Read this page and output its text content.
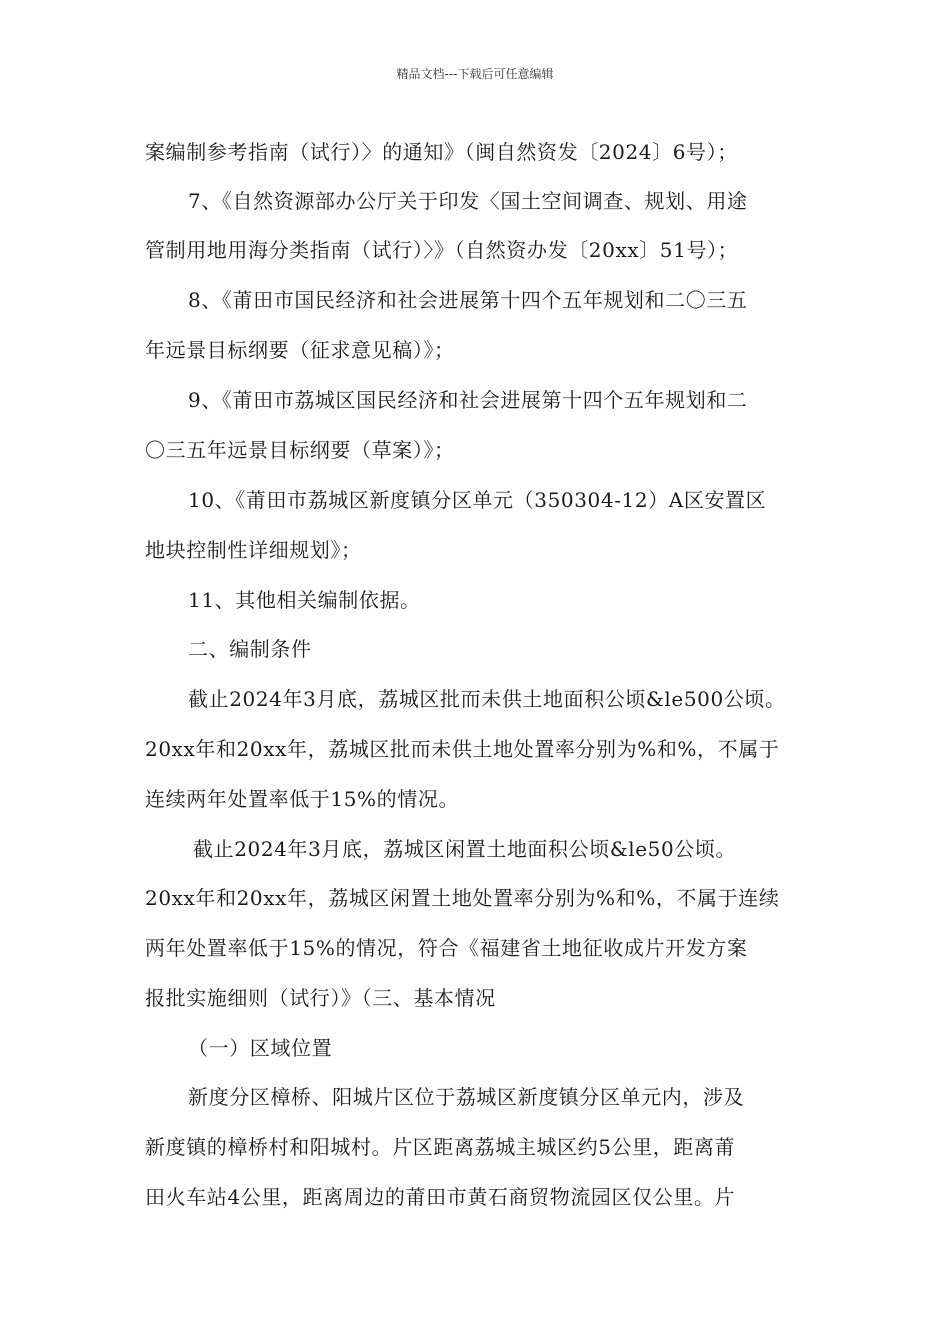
精品文档---下载后可任意编辑
案编制参考指南（试行）〉的通知》（闽自然资发〔2024〕6号）；
7、《自然资源部办公厅关于印发〈国土空间调查、规划、用途
管制用地用海分类指南（试行）〉》（自然资办发〔20xx〕51号）；
8、《莆田市国民经济和社会进展第十四个五年规划和二〇三五
年远景目标纲要（征求意见稿）》；
9、《莆田市荔城区国民经济和社会进展第十四个五年规划和二
〇三五年远景目标纲要（草案）》；
10、《莆田市荔城区新度镇分区单元（350304-12）A区安置区
地块控制性详细规划》；
11、其他相关编制依据。
二、编制条件
截止2024年3月底，荔城区批而未供土地面积公顷&le500公顷。
20xx年和20xx年，荔城区批而未供土地处置率分别为%和%，不属于
连续两年处置率低于15%的情况。
截止2024年3月底，荔城区闲置土地面积公顷&le50公顷。
20xx年和20xx年，荔城区闲置土地处置率分别为%和%，不属于连续
两年处置率低于15%的情况，符合《福建省土地征收成片开发方案
报批实施细则（试行）》（三、基本情况
（一）区域位置
新度分区樟桥、阳城片区位于荔城区新度镇分区单元内，涉及
新度镇的樟桥村和阳城村。片区距离荔城主城区约5公里，距离莆
田火车站4公里，距离周边的莆田市黄石商贸物流园区仅公里。片
